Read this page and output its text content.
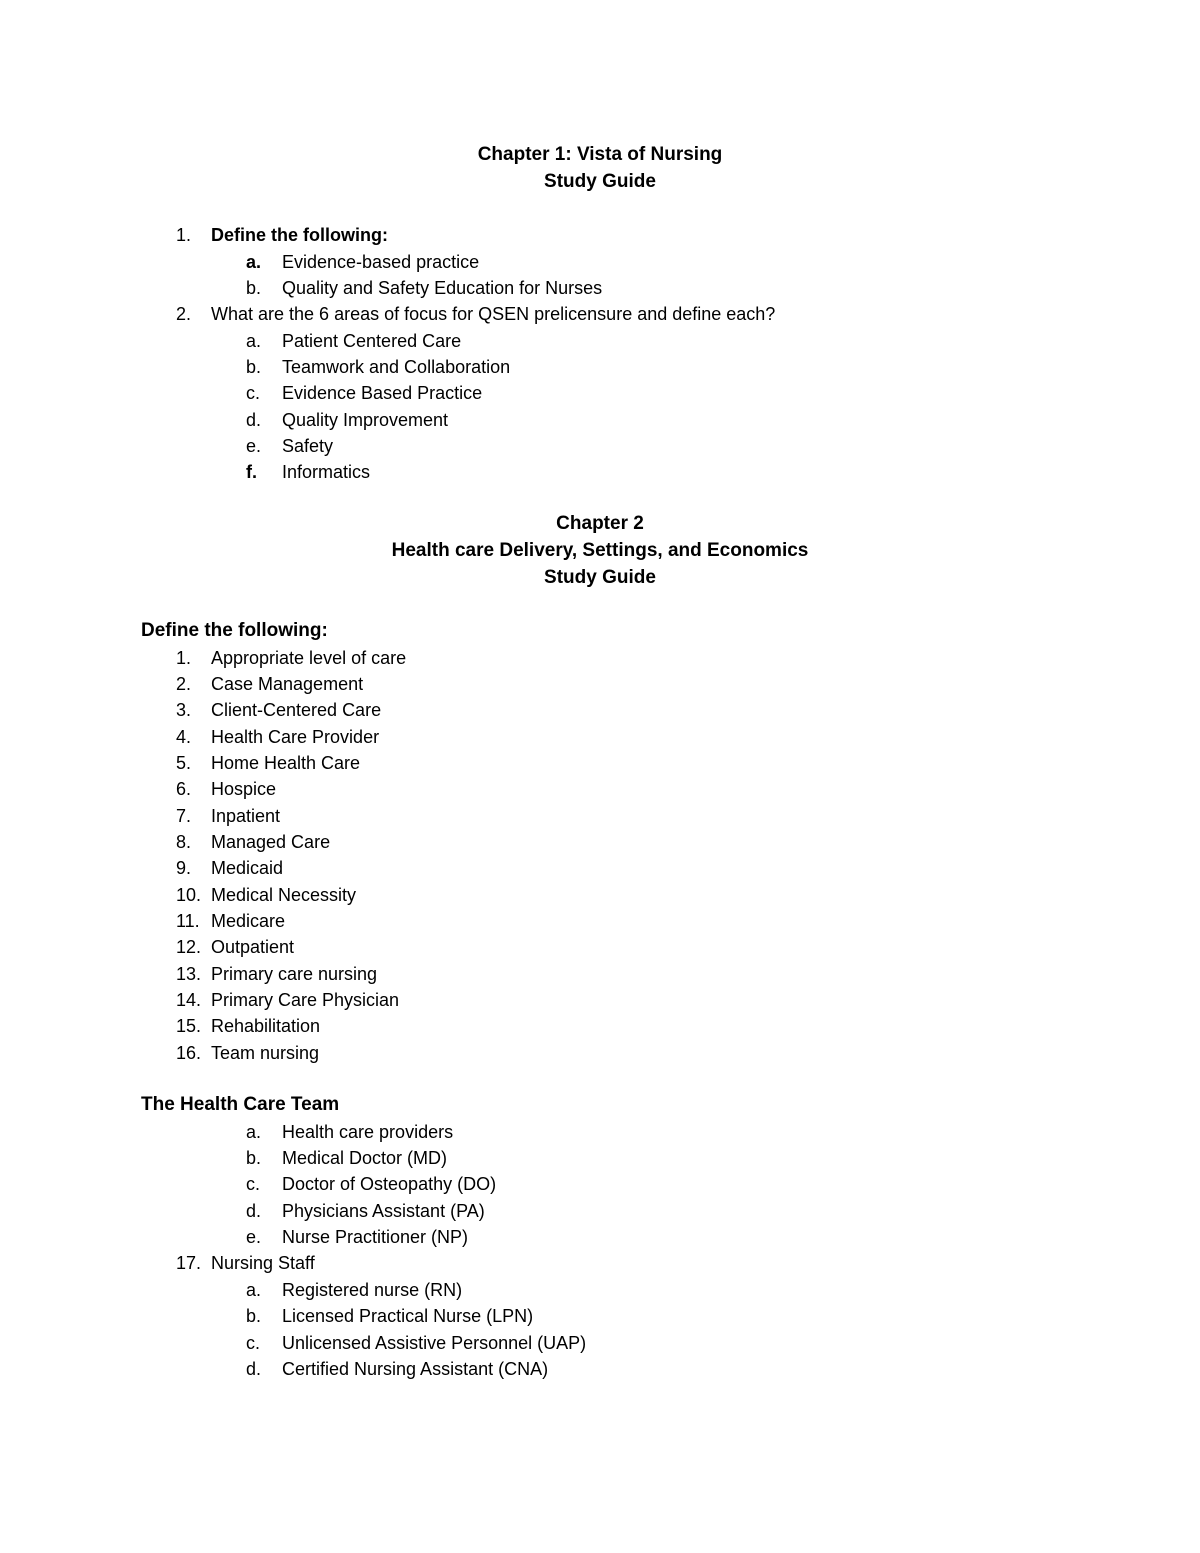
Chapter 1: Vista of Nursing
Study Guide
1. Define the following:
a. Evidence-based practice
b. Quality and Safety Education for Nurses
2. What are the 6 areas of focus for QSEN prelicensure and define each?
a. Patient Centered Care
b. Teamwork and Collaboration
c. Evidence Based Practice
d. Quality Improvement
e. Safety
f. Informatics
Chapter 2
Health care Delivery, Settings, and Economics
Study Guide
Define the following:
1. Appropriate level of care
2. Case Management
3. Client-Centered Care
4. Health Care Provider
5. Home Health Care
6. Hospice
7. Inpatient
8. Managed Care
9. Medicaid
10. Medical Necessity
11. Medicare
12. Outpatient
13. Primary care nursing
14. Primary Care Physician
15. Rehabilitation
16. Team nursing
The Health Care Team
a. Health care providers
b. Medical Doctor (MD)
c. Doctor of Osteopathy (DO)
d. Physicians Assistant (PA)
e. Nurse Practitioner (NP)
17. Nursing Staff
a. Registered nurse (RN)
b. Licensed Practical Nurse (LPN)
c. Unlicensed Assistive Personnel (UAP)
d. Certified Nursing Assistant (CNA)
